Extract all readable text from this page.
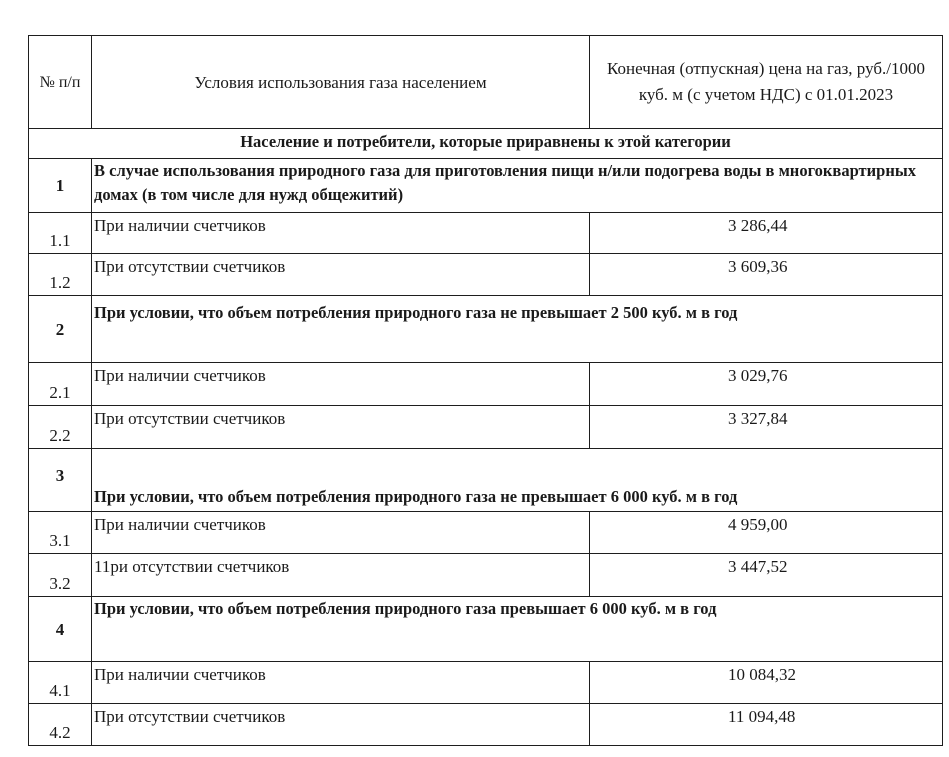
№ п/п	Условия использования газа населением	Конечная (отпускная) цена на газ, руб./1000 куб. м (с учетом НДС) с 01.01.2023
Население и потребители, которые приравнены к этой категории		
1	В случае использования природного газа для приготовления пищи н/или подогрева воды в многоквартирных домах (в том числе для нужд общежитий)	
1.1	При наличии счетчиков	3 286,44
1.2	При отсутствии счетчиков	3 609,36
2	При условии, что объем потребления природного газа не превышает 2 500 куб. м в год	
2.1	При наличии счетчиков	3 029,76
2.2	При отсутствии счетчиков	3 327,84
3	При условии, что объем потребления природного газа не превышает 6 000 куб. м в год	
3.1	При наличии счетчиков	4 959,00
3.2	11ри отсутствии счетчиков	3 447,52
4	При условии, что объем потребления природного газа превышает 6 000 куб. м в год	
4.1	При наличии счетчиков	10 084,32
4.2	При отсутствии счетчиков	11 094,48
